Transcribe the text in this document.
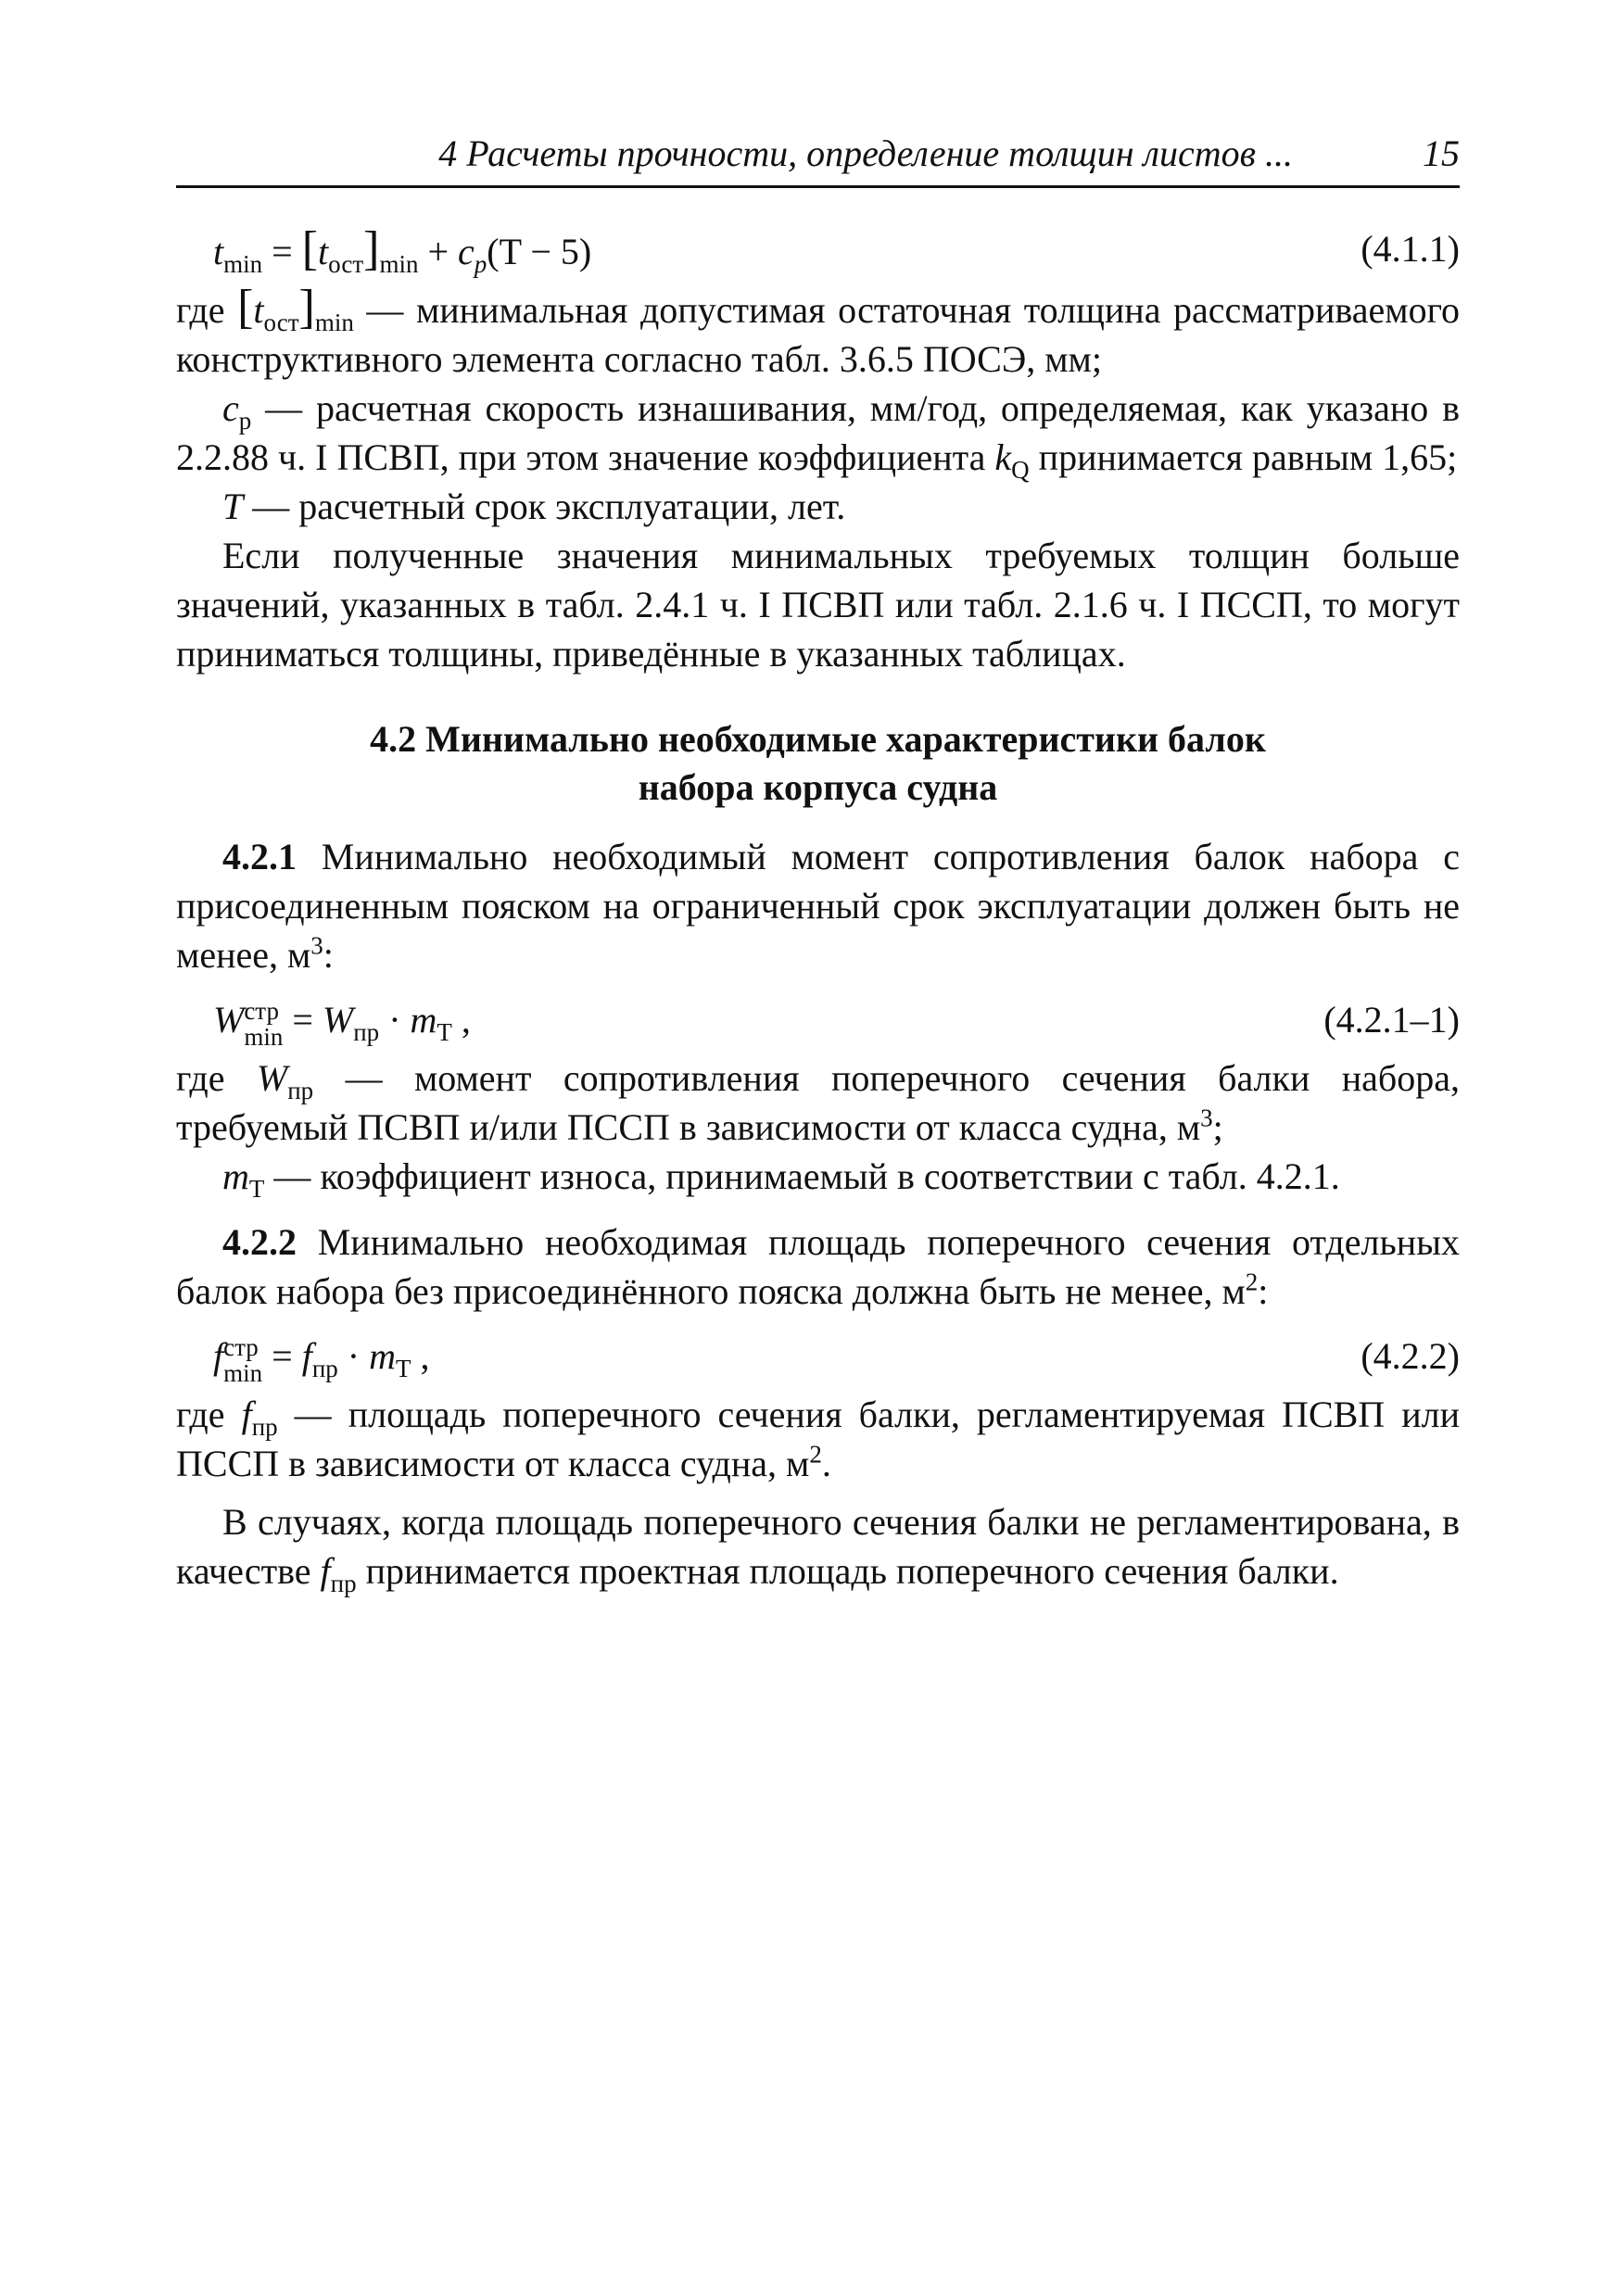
4 Расчеты прочности, определение толщин листов ...	15
$t_{min} = [t_{ост}]_{min} + c_p(T - 5)$	(4.1.1)

где $[t_{ост}]_{min}$ — минимальная допустимая остаточная толщина рассматриваемого конструктивного элемента согласно табл. 3.6.5 ПОСЭ, мм;

$c_p$ — расчетная скорость изнашивания, мм/год, определяемая, как указано в 2.2.88 ч. I ПСВП, при этом значение коэффициента $k_Q$ принимается равным 1,65;

T — расчетный срок эксплуатации, лет.

Если полученные значения минимальных требуемых толщин больше значений, указанных в табл. 2.4.1 ч. I ПСВП или табл. 2.1.6 ч. I ПССП, то могут приниматься толщины, приведённые в указанных таблицах.

4.2 Минимально необходимые характеристики балок
набора корпуса судна

4.2.1 Минимально необходимый момент сопротивления балок набора с присоединенным пояском на ограниченный срок эксплуатации должен быть не менее, $м^3$:

W стр
$\min = W_{пр} \cdot m_Т$ ,	(4.2.1–1)

где $W_{пр}$ — момент сопротивления поперечного сечения балки набора, требуемый ПСВП и/или ПССП в зависимости от класса судна, $м^3$;

$m_Т$ — коэффициент износа, принимаемый в соответствии с табл. 4.2.1.

4.2.2 Минимально необходимая площадь поперечного сечения отдельных балок набора без присоединённого пояска должна быть не менее, $м^2$:

f стр
$\min = f_{пр} \cdot m_Т$ ,	(4.2.2)

где $f_{пр}$ — площадь поперечного сечения балки, регламентируемая ПСВП или ПССП в зависимости от класса судна, $м^2$.

В случаях, когда площадь поперечного сечения балки не регламентирована, в качестве $f_{пр}$ принимается проектная площадь поперечного сечения балки.
